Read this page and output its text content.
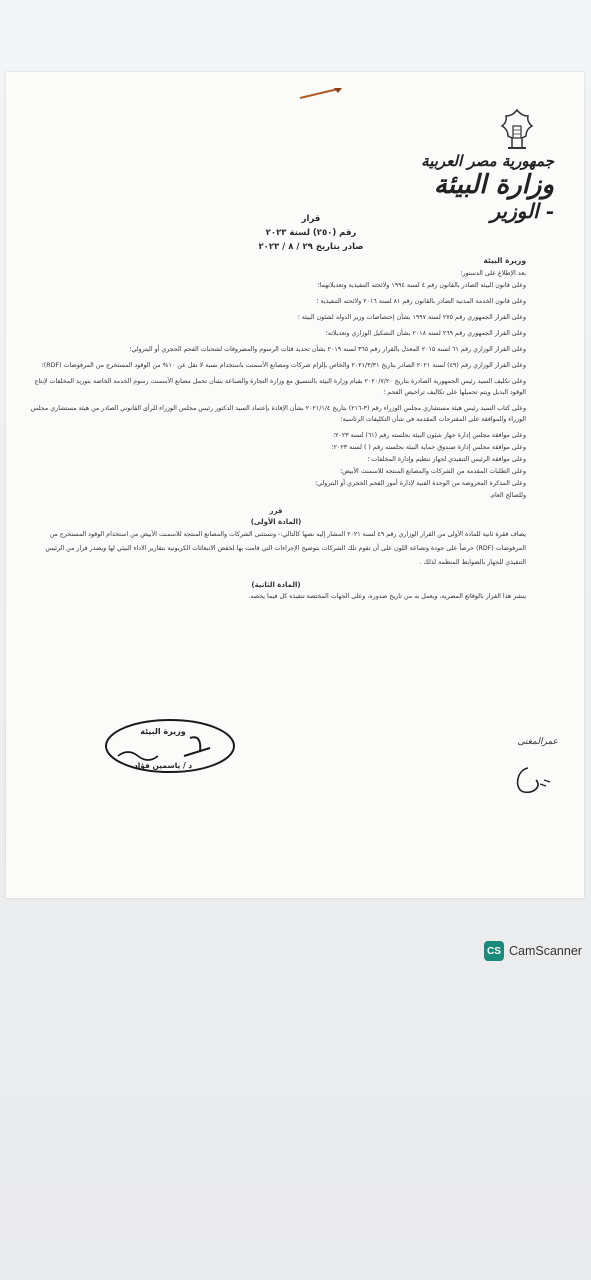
جمهورية مصر العربية
وزارة البيئة
- الوزير
قرار
رقم (٢٥٠) لسنة ٢٠٢٣
صادر بتاريخ ٢٩ / ٨ / ٢٠٢٣
وزيرة البيئة
بعد الإطلاع على الدستور؛
وعلى قانون البيئة الصادر بالقانون رقم ٤ لسنة ١٩٩٤ ولائحته التنفيذية وتعديلاتهما؛
وعلى قانون الخدمة المدنية الصادر بالقانون رقم ٨١ لسنة ٢٠١٦ ولائحته التنفيذية ؛
وعلى القرار الجمهوري رقم ٢٧٥ لسنة ١٩٩٧ بشأن إختصاصات وزير الدولة لشئون البيئة ؛
وعلى القرار الجمهوري رقم ٢٦٩ لسنة ٢٠١٨ بشأن التشكيل الوزاري وتعديلاته؛
وعلى القرار الوزاري رقم ٦١ لسنة ٢٠١٥ المعدل بالقرار رقم ٣٦٥ لسنة ٢٠١٩ بشأن تحديد فئات الرسوم والمصروفات لشحنات الفحم الحجري أو البترولي؛
وعلى القرار الوزاري رقم (٤٩) لسنة ٢٠٢١ الصادر بتاريخ ٢٠٢١/٣/٣١ والخاص بإلزام شركات ومصانع الأسمنت باستخدام نسبة لا تقل عن ١٠% من الوقود المستخرج من المرفوضات (RDF)؛
وعلى تكليف السيد رئيس الجمهورية الصادرة بتاريخ ٢٠٢٠/٧/٢٠ بقيام وزارة البيئة بالتنسيق مع وزارة التجارة والصناعة بشأن تحمل مصانع الأسمنت رسوم الخدمة الخاصة بتوريد المخلفات لإنتاج الوقود البديل ويتم تحميلها على تكاليف تراخيص الفحم ؛
وعلى كتاب السيد رئيس هيئة مستشاري مجلس الوزراء رقم (٣-٢١٦) بتاريخ ٢٠٢١/١/٤ بشأن الإفادة بإعتماد السيد الدكتور رئيس مجلس الوزراء للرأى القانوني الصادر من هيئة مستشاري مجلس الوزراء والموافقة على المقترحات المقدمة في شأن التكليفات الرئاسية؛
وعلى موافقة مجلس إدارة جهاز شئون البيئة بجلسته رقم (٦١) لسنة ٢٠٢٣؛
وعلى موافقة مجلس إدارة صندوق حماية البيئة بجلسته رقم ( ) لسنة ٢٠٢٣؛
وعلى موافقة الرئيس التنفيذي لجهاز تنظيم وإدارة المخلفات ؛
وعلى الطلبات المقدمة من الشركات والمصانع المنتجة للاسمنت الأبيض؛
وعلى المذكرة المعروضة من الوحدة الفنية لإدارة أمور الفحم الحجري أو البترولي؛
وللصالح العام.
قرر
(المادة الأولى)
يضاف فقرة ثانية للمادة الأولى من القرار الوزاري رقم ٤٩ لسنة ٢٠٢١ المشار إليه نصها كالتالي:- وتستثنى الشركات والمصانع المنتجة للاسمنت الأبيض من استخدام الوقود المستخرج من المرفوضات (RDF) حرصاً على جودة وتصاعة اللون على أن تقوم تلك الشركات بتوضيح الإجراءات التي قامت بها لخفض الانبعاثات الكربونية بتقارير الاداء البيئي لها ويصدر قرار من الرئيس التنفيذي للجهاز بالضوابط المنظمة لذلك .
(المادة الثانية)
ينشر هذا القرار بالوقائع المصرية، ويعمل به من تاريخ صدوره، وعلى الجهات المختصة تنفيذه كل فيما يخصه.
وزيرة البيئة
د / ياسمين فؤاد
عمرالمغنى
CS CamScanner
